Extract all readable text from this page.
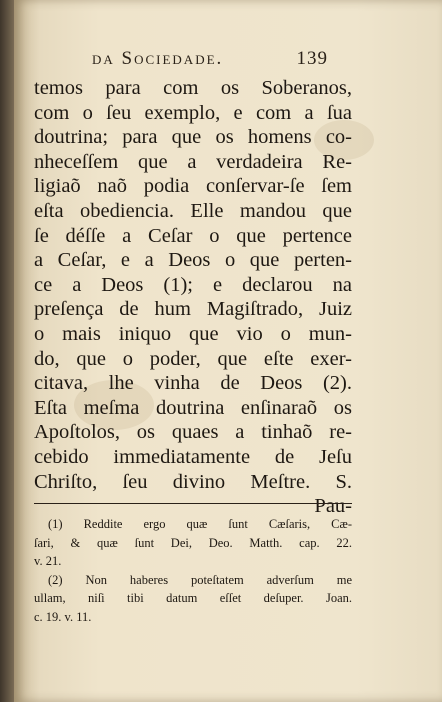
da Sociedade.	139
temos para com os Soberanos,
com o ſeu exemplo, e com a ſua
doutrina; para que os homens co-
nheceſſem que a verdadeira Re-
ligiaõ naõ podia conſervar-ſe ſem
eſta obediencia. Elle mandou que
ſe déſſe a Ceſar o que pertence
a Ceſar, e a Deos o que perten-
ce a Deos (1); e declarou na
preſença de hum Magiſtrado, Juiz
o mais iniquo que vio o mun-
do, que o poder, que eſte exer-
citava, lhe vinha de Deos (2).
Eſta meſma doutrina enſinaraõ os
Apoſtolos, os quaes a tinhaõ re-
cebido immediatamente de Jeſu
Chriſto, ſeu divino Meſtre. S.
Pau-
(1) Reddite ergo quæ ſunt Cæſaris, Cæ-
ſari, & quæ ſunt Dei, Deo. Matth. cap. 22.
v. 21.
(2) Non haberes poteſtatem adverſum me
ullam, niſi tibi datum eſſet deſuper. Joan.
c. 19. v. 11.
